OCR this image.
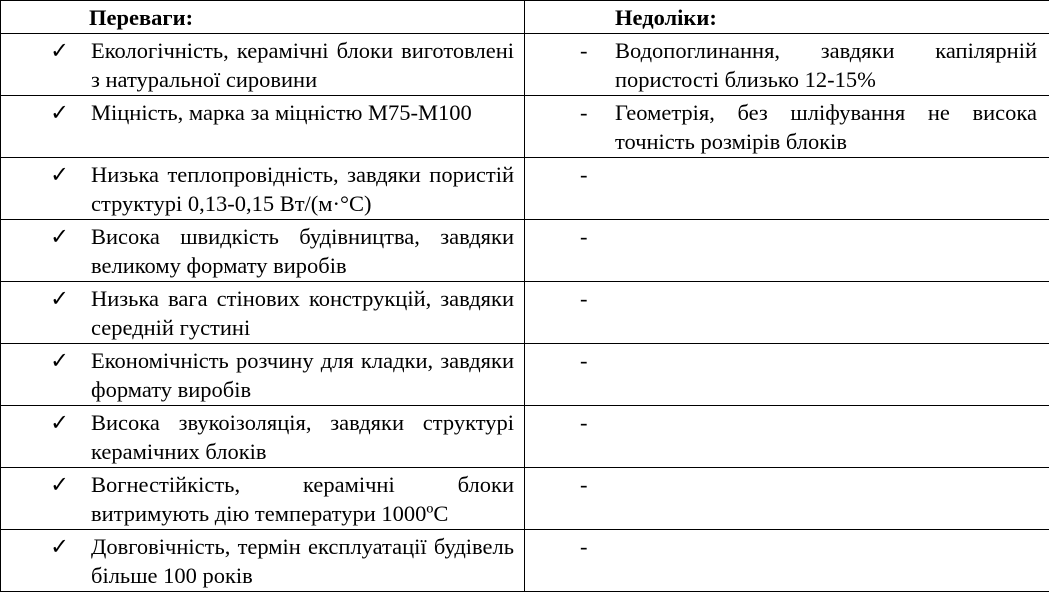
Переваги:	Недоліки:

✓ Екологічність, керамічні блоки виготовлені з натуральної сировини	- Водопоглинання, завдяки капілярній пористості близько 12-15%

✓ Міцність, марка за міцністю М75-М100	- Геометрія, без шліфування не висока точність розмірів блоків

✓ Низька теплопровідність, завдяки пористій структурі 0,13-0,15 Вт/(м·°С)	-

✓ Висока швидкість будівництва, завдяки великому формату виробів	-

✓ Низька вага стінових конструкцій, завдяки середній густині	-

✓ Економічність розчину для кладки, завдяки формату виробів	-

✓ Висока звукоізоляція, завдяки структурі керамічних блоків	-

✓ Вогнестійкість, керамічні блоки витримують дію температури 1000ºС	-

✓ Довговічність, термін експлуатації будівель більше 100 років	-
